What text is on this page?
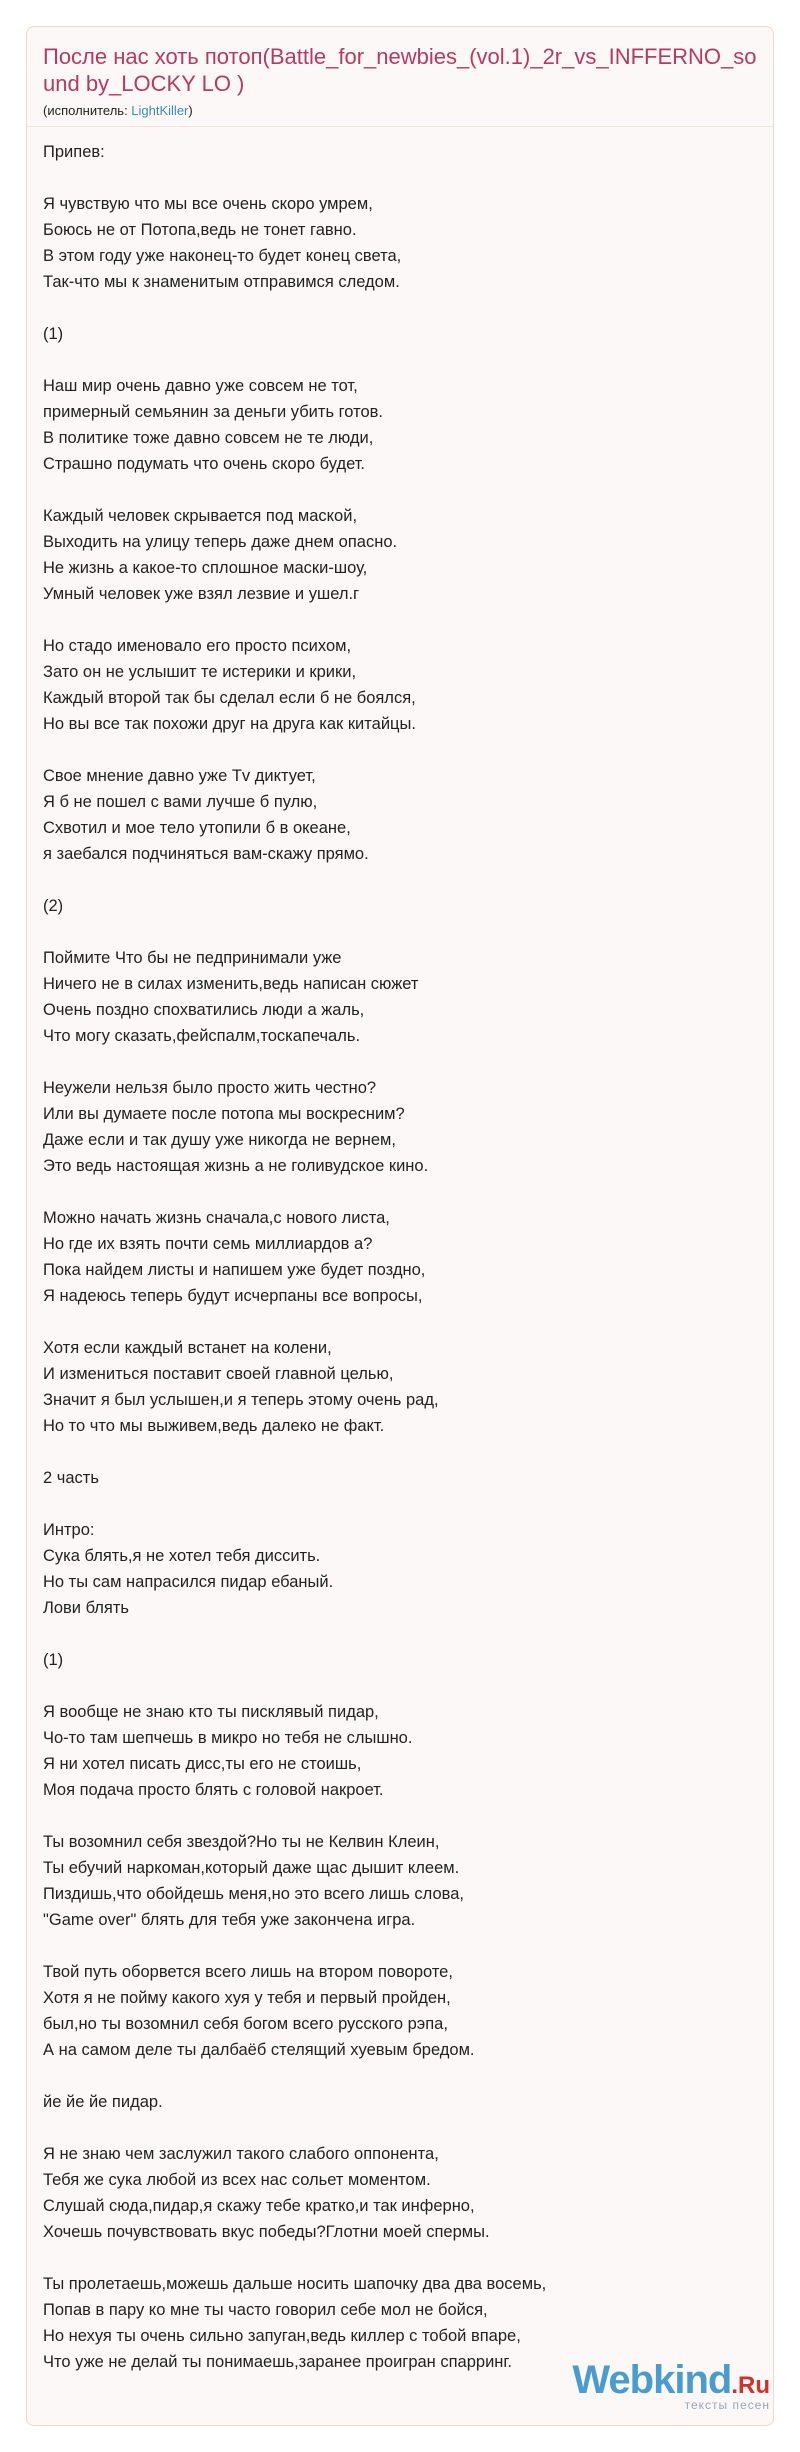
После нас хоть потоп(Battle_for_newbies_(vol.1)_2r_vs_INFFERNO_sound by_LOCKY LO )
(исполнитель: LightKiller)
Припев:
Я чувствую что мы все очень скоро умрем,
Боюсь не от Потопа,ведь не тонет гавно.
В этом году уже наконец-то будет конец света,
Так-что мы к знаменитым отправимся следом.
(1)
Наш мир очень давно уже совсем не тот,
примерный семьянин за деньги убить готов.
В политике тоже давно совсем не те люди,
Страшно подумать что очень скоро будет.
Каждый человек скрывается под маской,
Выходить на улицу теперь даже днем опасно.
Не жизнь а какое-то сплошное маски-шоу,
Умный человек уже взял лезвие и ушел.г
Но стадо именовало его просто психом,
Зато он не услышит те истерики и крики,
Каждый второй так бы сделал если б не боялся,
Но вы все так похожи друг на друга как китайцы.
Свое мнение давно уже Tv диктует,
Я б не пошел с вами лучше б пулю,
Схвотил и мое тело утопили б в океане,
я заебался подчиняться вам-скажу прямо.
(2)
Поймите Что бы не педпринимали уже
Ничего не в силах изменить,ведь написан сюжет
Очень поздно спохватились люди а жаль,
Что могу сказать,фейспалм,тоскапечаль.
Неужели нельзя было просто жить честно?
Или вы думаете после потопа мы воскресним?
Даже если и так душу уже никогда не вернем,
Это ведь настоящая жизнь а не голивудское кино.
Можно начать жизнь сначала,с нового листа,
Но где их взять почти семь миллиардов а?
Пока найдем листы и напишем уже будет поздно,
Я надеюсь теперь будут исчерпаны все вопросы,
Хотя если каждый встанет на колени,
И измениться поставит своей главной целью,
Значит я был услышен,и я теперь этому очень рад,
Но то что мы выживем,ведь далеко не факт.
2 часть
Интро:
Сука блять,я не хотел тебя диссить.
Но ты сам напрасился пидар ебаный.
Лови блять
(1)
Я вообще не знаю кто ты писклявый пидар,
Чо-то там шепчешь в микро но тебя не слышно.
Я ни хотел писать дисс,ты его не стоишь,
Моя подача просто блять с головой накроет.
Ты возомнил себя звездой?Но ты не Келвин Клеин,
Ты ебучий наркоман,который даже щас дышит клеем.
Пиздишь,что обойдешь меня,но это всего лишь слова,
"Game over" блять для тебя уже закончена игра.
Твой путь оборвется всего лишь на втором повороте,
Хотя я не пойму какого хуя у тебя и первый пройден,
был,но ты возомнил себя богом всего русского рэпа,
А на самом деле ты далбаёб стелящий хуевым бредом.
йе йе йе пидар.
Я не знаю чем заслужил такого слабого оппонента,
Тебя же сука любой из всех нас сольет моментом.
Слушай сюда,пидар,я скажу тебе кратко,и так инферно,
Хочешь почувствовать вкус победы?Глотни моей спермы.
Ты пролетаешь,можешь дальше носить шапочку два два восемь,
Попав в пару ко мне ты часто говорил себе мол не бойся,
Но нехуя ты очень сильно запуган,ведь киллер с тобой впаре,
Что уже не делай ты понимаешь,заранее проигран спарринг.	Webkind.Ru
тексты песен
